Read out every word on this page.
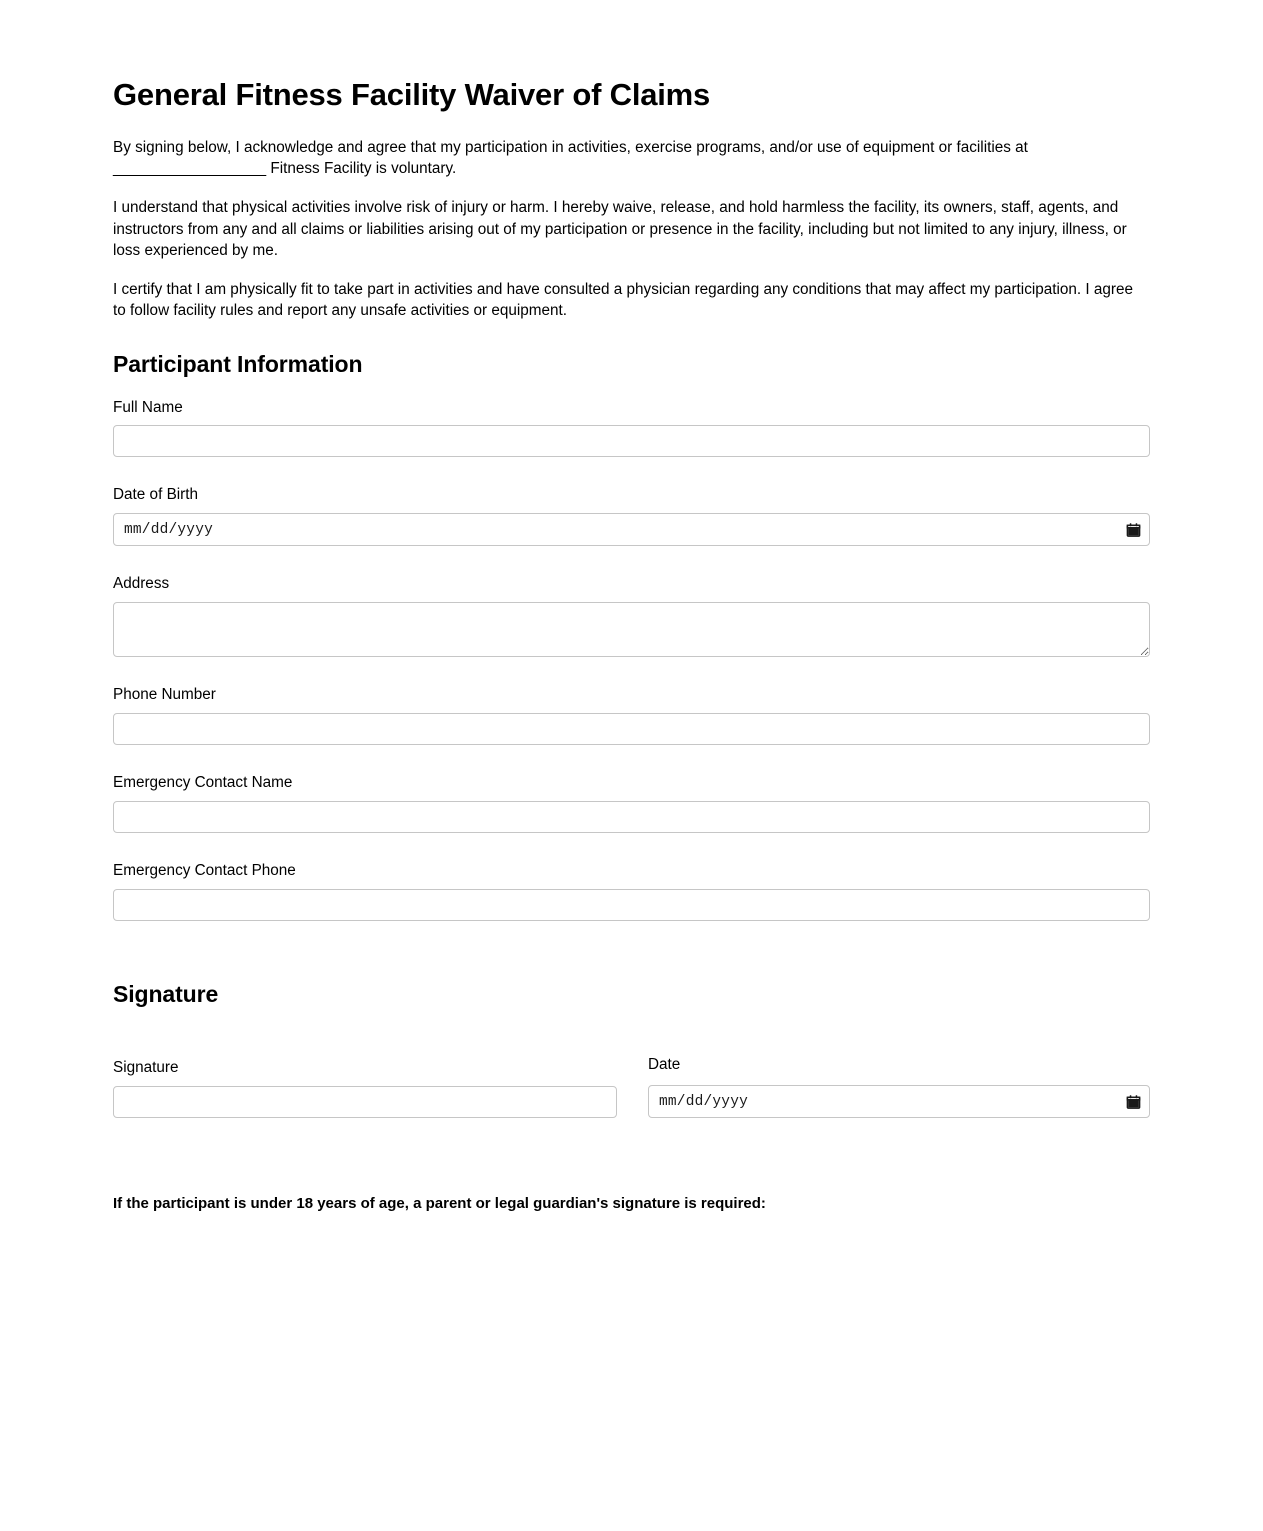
General Fitness Facility Waiver of Claims

By signing below, I acknowledge and agree that my participation in activities, exercise programs, and/or use of equipment or facilities at __________________ Fitness Facility is voluntary.

I understand that physical activities involve risk of injury or harm. I hereby waive, release, and hold harmless the facility, its owners, staff, agents, and instructors from any and all claims or liabilities arising out of my participation or presence in the facility, including but not limited to any injury, illness, or loss experienced by me.

I certify that I am physically fit to take part in activities and have consulted a physician regarding any conditions that may affect my participation. I agree to follow facility rules and report any unsafe activities or equipment.

Participant Information
Full Name
Date of Birth
mm/dd/yyyy
Address
Phone Number
Emergency Contact Name
Emergency Contact Phone
Signature
Signature	Date
mm/dd/yyyy

If the participant is under 18 years of age, a parent or legal guardian's signature is required:
